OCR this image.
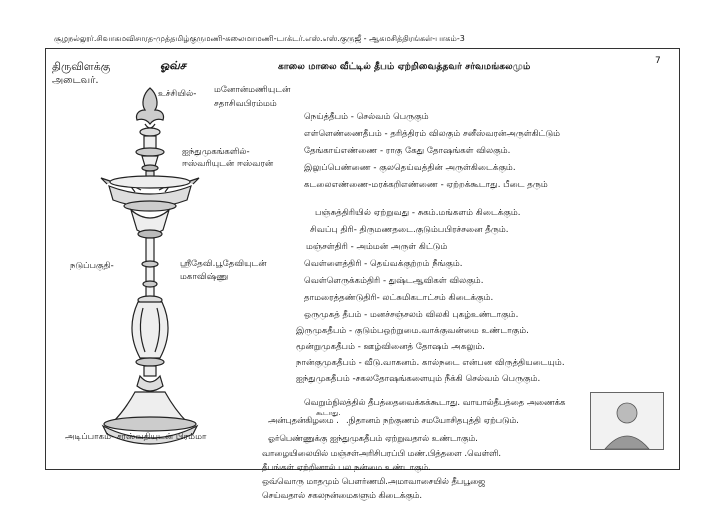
சூழநல்லூர்.சிவாகமவிசாரத-முத்தமிழ்குருமணி-கலைமாமணி-டாக்டர்.எஸ்.எஸ்.குருஜீ - ஆகமசித்திரங்கள்-பாகம்-3
7
திருவிளக்கு	ஓவ்ச
அடைவர்.
காலை மாலை வீட்டில் தீபம் ஏற்றிவைத்தவர் சர்வமங்கலமும்
உச்சியில்- மனோன்மணியுடன்
சதாசிவபிரம்மம்
ஐந்துமுகங்களில்-
ஈஸ்வரியுடன் ஈஸ்வரன்
நடுப்பகுதி-	ஸ்ரீதேவி.பூதேவியுடன்
மகாவிஷ்ணு
அடிப்பாகம்- சரஸ்வதியுடன் பிரம்மா
நெய்த்தீபம் - செல்வம் பெருகும்
எள்ளெண்ணைதீபம் - தரித்திரம் விலகும் சனீஸ்வரன்அருள்கிட்டும்
தேங்காய்எண்ணை - ராகு கேது தோஷங்கள் விலகும்.
இலுப்பெண்ணை - குலதெய்வத்தின் அருள்கிடைக்கும்.
கடலைஎண்ணை-மரக்கறிஎண்ணை - ஏற்றக்கூடாது. பீடை தரும்
பஞ்சுத்திரியில் ஏற்றுவது - சுகம்.மங்களம் கிடைக்கும்.
சிவப்பு திரி- திருமணதடை.குடும்பபிரச்சனை தீரும்.
மஞ்சள்திரி - அம்மன் அருள் கிட்டும்
வெள்ளைத்திரி - தெய்வக்குற்றம் நீங்கும்.
வெள்ளெருக்கம்திரி - துஷ்டஆவிகள் விலகும்.
தாமரைத்தண்டுதிரி- லட்சுமிகடாட்சம் கிடைக்கும்.
ஒருமுகத் தீபம் - மனச்சஞ்சலம் விலகி புகழ்உண்டாகும்.
இருமுகதீபம் - குடும்பஒற்றுமை.வாக்குவன்மை உண்டாகும்.
மூன்றுமுகதீபம் - ஊழ்வினைத் தோஷம் அகலும்.
நான்குமுகதீபம் - வீடு.வாகனம். கால்நடை என்பன விருத்தியடையும்.
ஐந்துமுகதீபம் -சகலதோஷங்களையும் நீக்கி செல்வம் பெருகும்.
வெறும்நிலத்தில் தீபத்தைவைக்கக்கூடாது. வாயால்தீபத்தை அணைக்க
அன்புதன்கிழமை .
கூடாது.
.நிதானம் நற்குணம் சமயோசிதபுத்தி ஏற்படும்.
ஓர்பெண்ணுக்கு ஐந்துமுகதீபம் ஏற்றுவதால் உண்டாகும்.
வாழையிலையில் மஞ்சள்அரிசிபரப்பி மண்.பித்தளை .வெள்ளி.
தீபங்கள் ஏற்றினால் பல நன்மை உண்டாகும்.
ஒவ்வொரு மாதமும் பௌர்ணமி.அமாவாசையில் தீபபூஜை
செய்வதால் சகலநன்மைகளும் கிடைக்கும்.
